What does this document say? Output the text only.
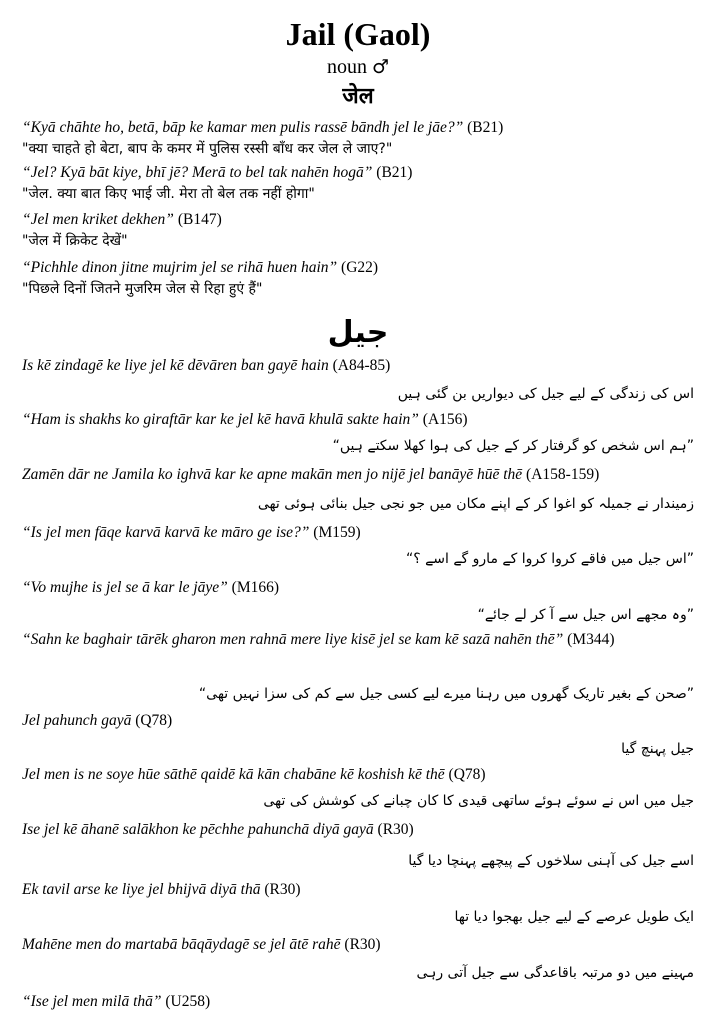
Jail (Gaol)
noun ♂
जेल
“Kyā chāhte ho, betā, bāp ke kamar men pulis rassē bāndh jel le jāe?” (B21)
"क्या चाहते हो बेटा, बाप के कमर में पुलिस रस्सी बाँध कर जेल ले जाए?"
“Jel? Kyā bāt kiye, bhī jē? Merā to bel tak nahēn hogā” (B21)
"जेल. क्या बात किए भाई जी. मेरा तो बेल तक नहीं होगा"
“Jel men kriket dekhen” (B147)
"जेल में क्रिकेट देखें"
“Pichhle dinon jitne mujrim jel se rihā huen hain” (G22)
"पिछले दिनों जितने मुजरिम जेल से रिहा हुएं हैं"
جیل
Is kē zindagē ke liye jel kē dēvāren ban gayē hain (A84-85)
اس کی زندگی کے لیے جیل کی دیواریں بن گئی ہیں
“Ham is shakhs ko giraftār kar ke jel kē havā khulā sakte hain” (A156)
”ہم اس شخص کو گرفتار کر کے جیل کی ہوا کھلا سکتے ہیں“
Zamēn dār ne Jamila ko ighvā kar ke apne makān men jo nijē jel banāyē hūē thē (A158-159)
زمیندار نے جمیلہ کو اغوا کر کے اپنے مکان میں جو نجی جیل بنائی ہوئی تھی
“Is jel men fāqe karvā karvā ke māro ge ise?” (M159)
”اس جیل میں فاقے کروا کروا کے مارو گے اسے ؟“
“Vo mujhe is jel se ā kar le jāye” (M166)
”وہ مجھے اس جیل سے آ کر لے جائے“
“Sahn ke baghair tārēk gharon men rahnā mere liye kisē jel se kam kē sazā nahēn thē” (M344)
”صحن کے بغیر تاریک گھروں میں رہنا میرے لیے کسی جیل سے کم کی سزا نہیں تھی“
Jel pahunch gayā (Q78)
جیل پہنچ گیا
Jel men is ne soye hūe sāthē qaidē kā kān chabāne kē koshish kē thē (Q78)
جیل میں اس نے سوئے ہوئے ساتھی قیدی کا کان چبانے کی کوشش کی تھی
Ise jel kē āhanē salākhon ke pēchhe pahunchā diyā gayā (R30)
اسے جیل کی آہنی سلاخوں کے پیچھے پہنچا دیا گیا
Ek tavil arse ke liye jel bhijvā diyā thā (R30)
ایک طویل عرصے کے لیے جیل بھجوا دیا تھا
Mahēne men do martabā bāqāydagē se jel ātē rahē (R30)
مہینے میں دو مرتبہ باقاعدگی سے جیل آتی رہی
“Ise jel men milā thā” (U258)
